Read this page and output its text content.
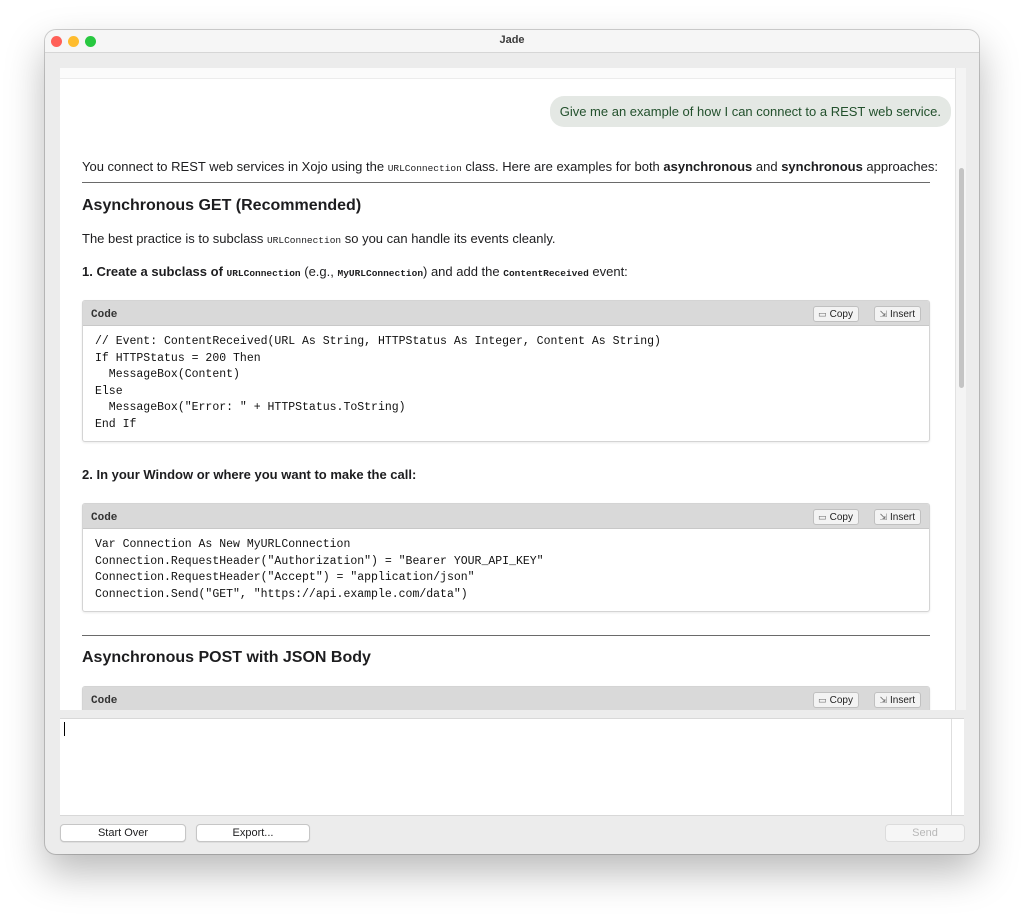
Jade
Give me an example of how I can connect to a REST web service.
You connect to REST web services in Xojo using the URLConnection class. Here are examples for both asynchronous and synchronous approaches:
Asynchronous GET (Recommended)
The best practice is to subclass URLConnection so you can handle its events cleanly.
1. Create a subclass of URLConnection (e.g., MyURLConnection) and add the ContentReceived event:
Code	▭ Copy	⇲ Insert
// Event: ContentReceived(URL As String, HTTPStatus As Integer, Content As String)
If HTTPStatus = 200 Then
MessageBox(Content)
Else
MessageBox("Error: " + HTTPStatus.ToString)
End If
2. In your Window or where you want to make the call:
Code	▭ Copy	⇲ Insert
Var Connection As New MyURLConnection
Connection.RequestHeader("Authorization") = "Bearer YOUR_API_KEY"
Connection.RequestHeader("Accept") = "application/json"
Connection.Send("GET", "https://api.example.com/data")
Asynchronous POST with JSON Body
Code	▭ Copy	⇲ Insert
Start Over	Export...	Send
